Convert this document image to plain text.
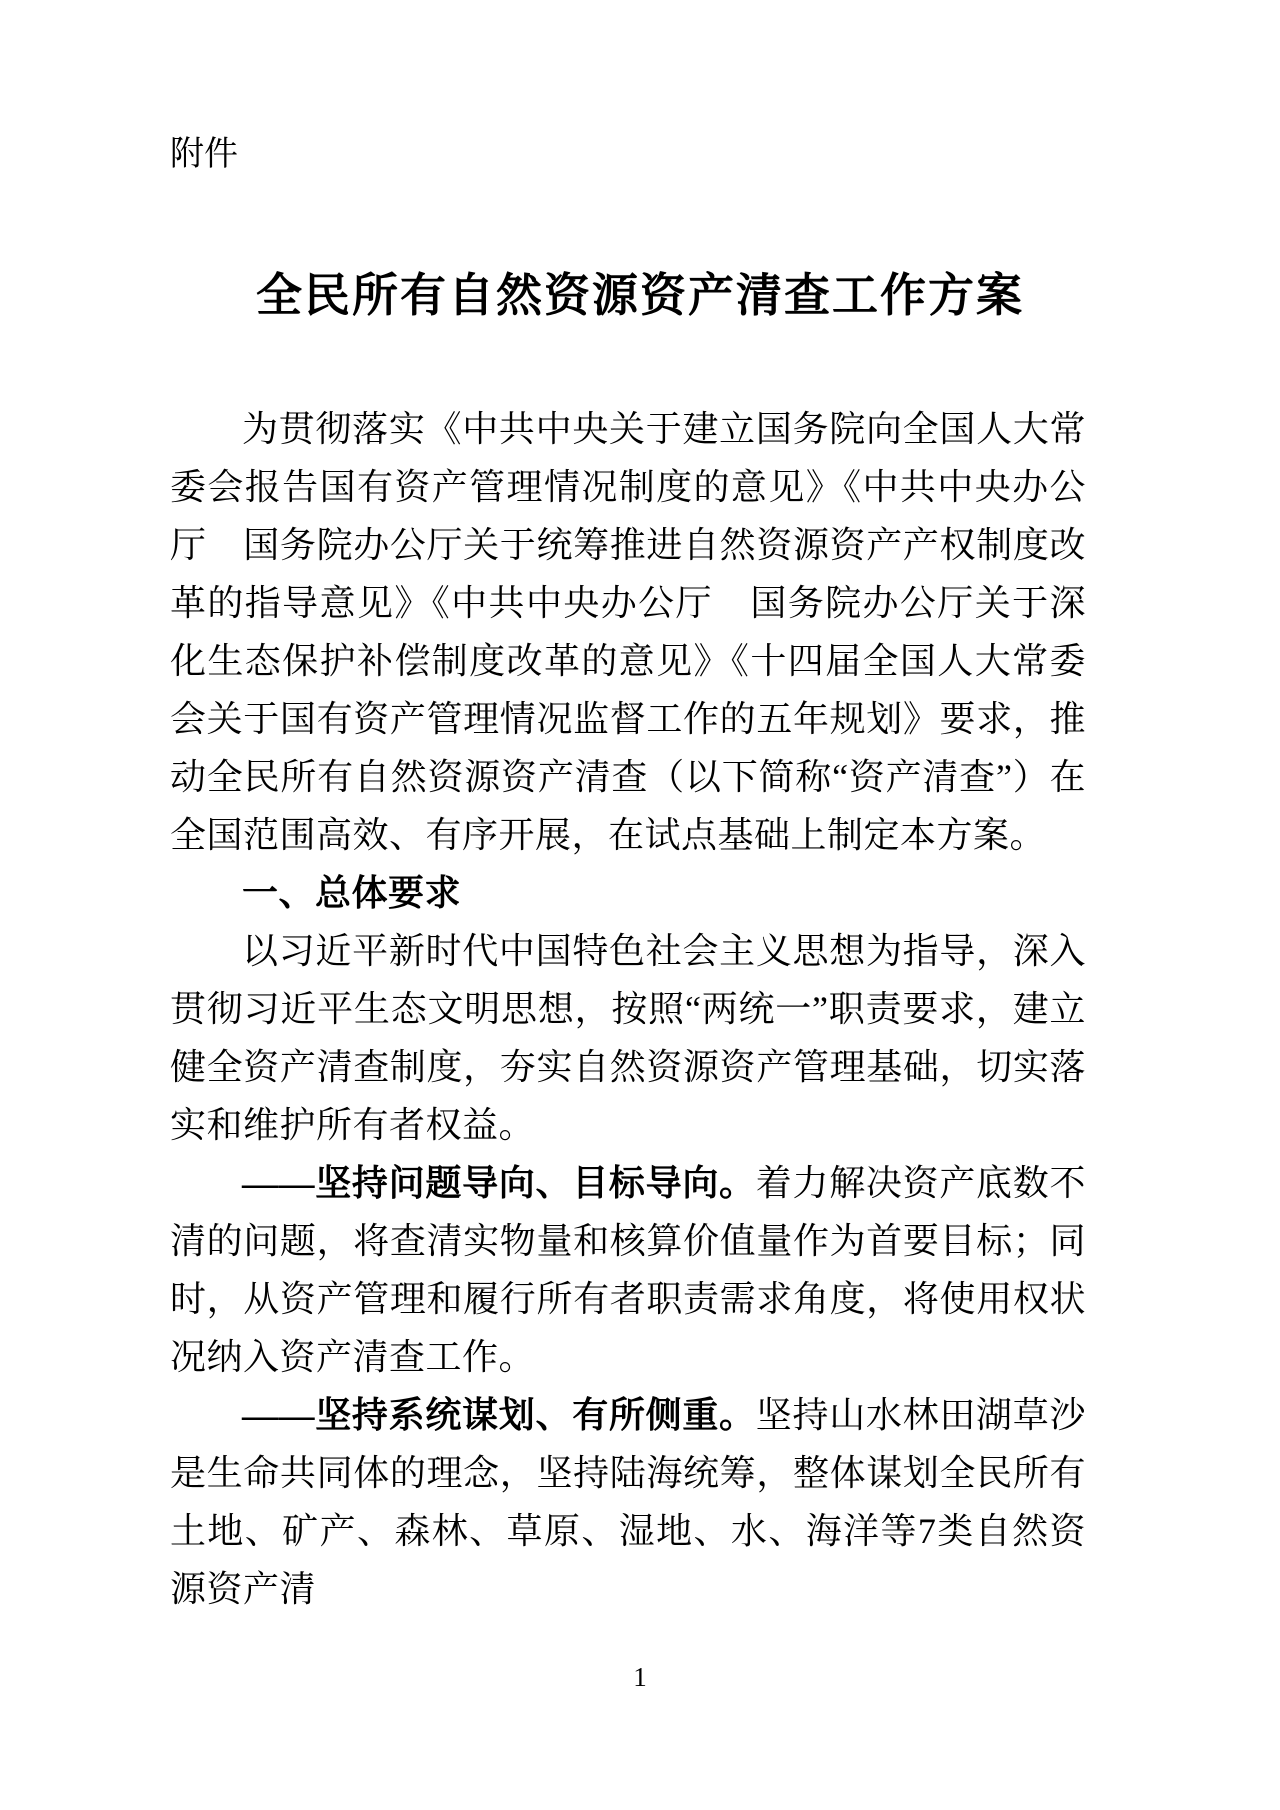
附件
全民所有自然资源资产清查工作方案

为贯彻落实《中共中央关于建立国务院向全国人大常委会报告国有资产管理情况制度的意见》《中共中央办公厅　国务院办公厅关于统筹推进自然资源资产产权制度改革的指导意见》《中共中央办公厅　国务院办公厅关于深化生态保护补偿制度改革的意见》《十四届全国人大常委会关于国有资产管理情况监督工作的五年规划》要求，推动全民所有自然资源资产清查（以下简称“资产清查”）在全国范围高效、有序开展，在试点基础上制定本方案。

一、总体要求

以习近平新时代中国特色社会主义思想为指导，深入贯彻习近平生态文明思想，按照“两统一”职责要求，建立健全资产清查制度，夯实自然资源资产管理基础，切实落实和维护所有者权益。

——坚持问题导向、目标导向。着力解决资产底数不清的问题，将查清实物量和核算价值量作为首要目标；同时，从资产管理和履行所有者职责需求角度，将使用权状况纳入资产清查工作。

——坚持系统谋划、有所侧重。坚持山水林田湖草沙是生命共同体的理念，坚持陆海统筹，整体谋划全民所有土地、矿产、森林、草原、湿地、水、海洋等7类自然资源资产清

1
